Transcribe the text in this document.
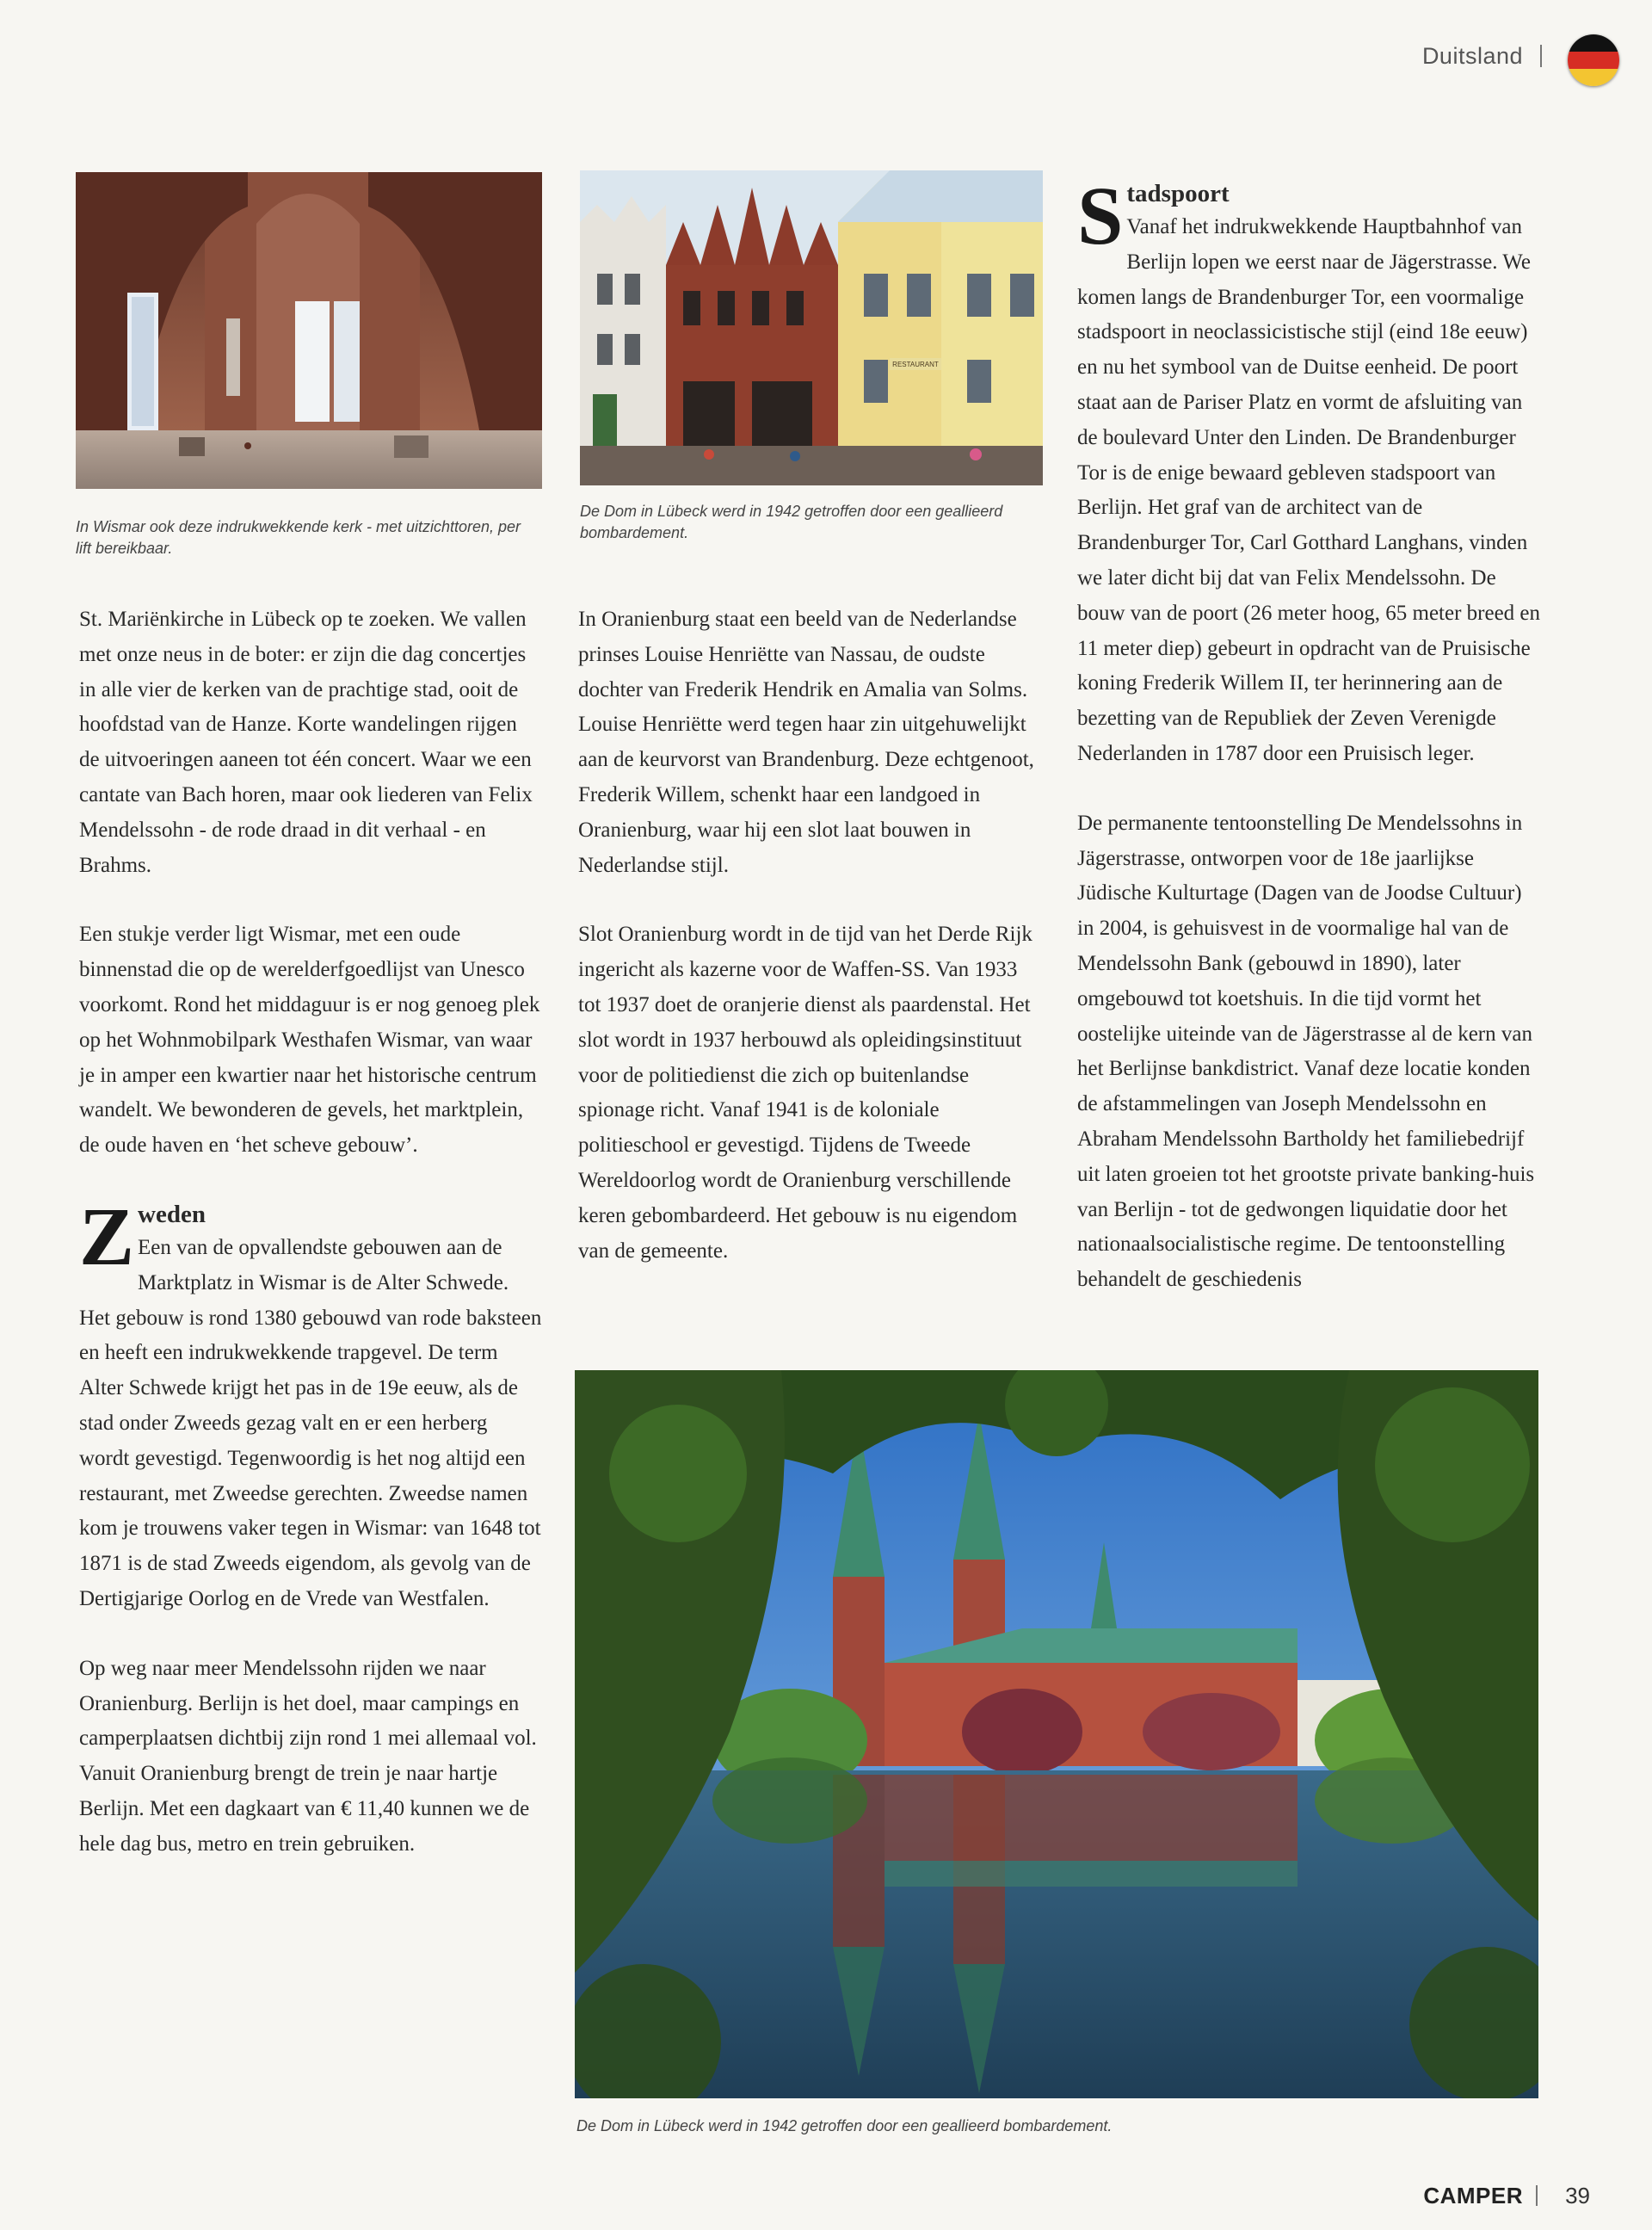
Duitsland
In Wismar ook deze indrukwekkende kerk - met uitzichttoren, per lift bereikbaar.
RESTAURANT
De Dom in Lübeck werd in 1942 getroffen door een geallieerd bombardement.

St. Mariënkirche in Lübeck op te zoeken. We vallen met onze neus in de boter: er zijn die dag concertjes in alle vier de kerken van de prachtige stad, ooit de hoofdstad van de Hanze. Korte wandelingen rijgen de uitvoeringen aaneen tot één concert. Waar we een cantate van Bach horen, maar ook liederen van Felix Mendelssohn - de rode draad in dit verhaal - en Brahms.

Een stukje verder ligt Wismar, met een oude binnenstad die op de werelderfgoedlijst van Unesco voorkomt. Rond het middaguur is er nog genoeg plek op het Wohnmobilpark Westhafen Wismar, van waar je in amper een kwartier naar het historische centrum wandelt. We bewonderen de gevels, het marktplein, de oude haven en ‘het scheve gebouw’.

Z weden

Een van de opvallendste gebouwen aan de Marktplatz in Wismar is de Alter Schwede. Het gebouw is rond 1380 gebouwd van rode baksteen en heeft een indrukwekkende trapgevel. De term Alter Schwede krijgt het pas in de 19e eeuw, als de stad onder Zweeds gezag valt en er een herberg wordt gevestigd. Tegenwoordig is het nog altijd een restaurant, met Zweedse gerechten. Zweedse namen kom je trouwens vaker tegen in Wismar: van 1648 tot 1871 is de stad Zweeds eigendom, als gevolg van de Dertigjarige Oorlog en de Vrede van Westfalen.

Op weg naar meer Mendelssohn rijden we naar Oranienburg. Berlijn is het doel, maar campings en camperplaatsen dichtbij zijn rond 1 mei allemaal vol. Vanuit Oranienburg brengt de trein je naar hartje Berlijn. Met een dagkaart van € 11,40 kunnen we de hele dag bus, metro en trein gebruiken.

In Oranienburg staat een beeld van de Nederlandse prinses Louise Henriëtte van Nassau, de oudste dochter van Frederik Hendrik en Amalia van Solms. Louise Henriëtte werd tegen haar zin uitgehuwelijkt aan de keurvorst van Brandenburg. Deze echtgenoot, Frederik Willem, schenkt haar een landgoed in Oranienburg, waar hij een slot laat bouwen in Nederlandse stijl.

Slot Oranienburg wordt in de tijd van het Derde Rijk ingericht als kazerne voor de Waffen-SS. Van 1933 tot 1937 doet de oranjerie dienst als paardenstal. Het slot wordt in 1937 herbouwd als opleidingsinstituut voor de politiedienst die zich op buitenlandse spionage richt. Vanaf 1941 is de koloniale politieschool er gevestigd. Tijdens de Tweede Wereldoorlog wordt de Oranienburg verschillende keren gebombardeerd. Het gebouw is nu eigendom van de gemeente.

S tadspoort

Vanaf het indrukwekkende Hauptbahnhof van Berlijn lopen we eerst naar de Jägerstrasse. We komen langs de Brandenburger Tor, een voormalige stadspoort in neoclassicistische stijl (eind 18e eeuw) en nu het symbool van de Duitse eenheid. De poort staat aan de Pariser Platz en vormt de afsluiting van de boulevard Unter den Linden. De Brandenburger Tor is de enige bewaard gebleven stadspoort van Berlijn. Het graf van de architect van de Brandenburger Tor, Carl Gotthard Langhans, vinden we later dicht bij dat van Felix Mendelssohn. De bouw van de poort (26 meter hoog, 65 meter breed en 11 meter diep) gebeurt in opdracht van de Pruisische koning Frederik Willem II, ter herinnering aan de bezetting van de Republiek der Zeven Verenigde Nederlanden in 1787 door een Pruisisch leger.

De permanente tentoonstelling De Mendelssohns in Jägerstrasse, ontworpen voor de 18e jaarlijkse Jüdische Kulturtage (Dagen van de Joodse Cultuur) in 2004, is gehuisvest in de voormalige hal van de Mendelssohn Bank (gebouwd in 1890), later omgebouwd tot koetshuis. In die tijd vormt het oostelijke uiteinde van de Jägerstrasse al de kern van het Berlijnse bankdistrict. Vanaf deze locatie konden de afstammelingen van Joseph Mendelssohn en Abraham Mendelssohn Bartholdy het familiebedrijf uit laten groeien tot het grootste private banking-huis van Berlijn - tot de gedwongen liquidatie door het nationaalsocialistische regime. De tentoonstelling behandelt de geschiedenis

De Dom in Lübeck werd in 1942 getroffen door een geallieerd bombardement.
CAMPER 39
